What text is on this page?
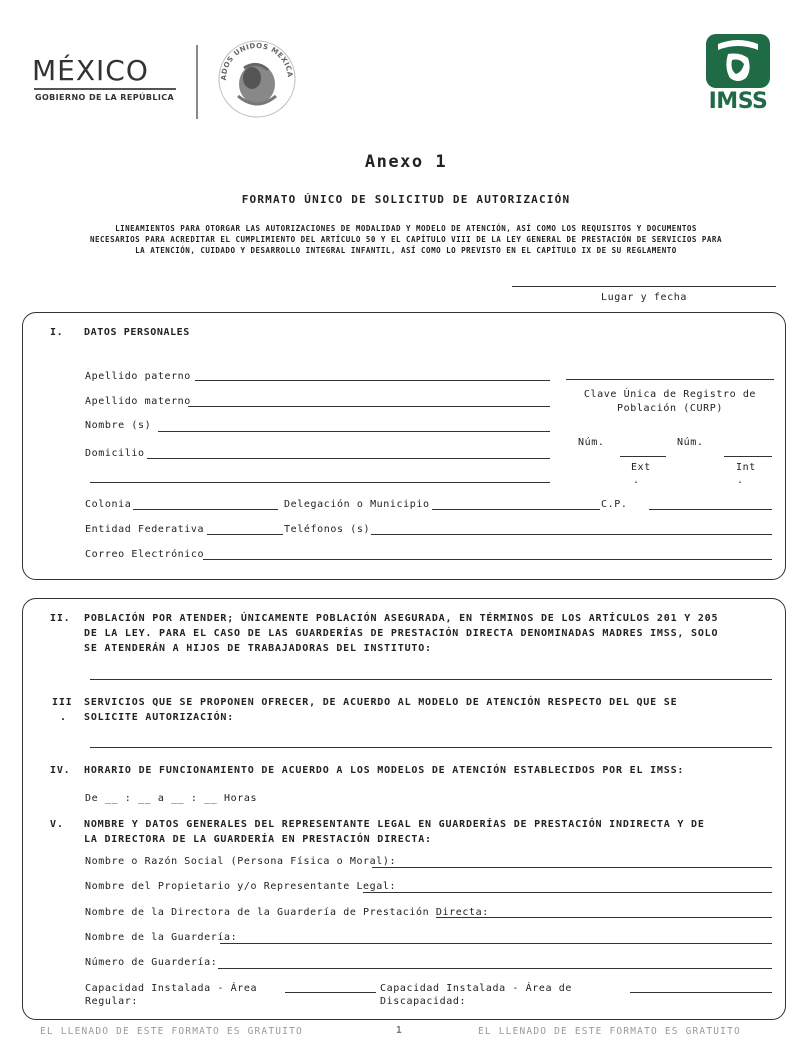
MÉXICO
GOBIERNO DE LA REPÚBLICA
ADOS UNIDOS MEXICA
IMSS
Anexo 1
FORMATO ÚNICO DE SOLICITUD DE AUTORIZACIÓN
LINEAMIENTOS PARA OTORGAR LAS AUTORIZACIONES DE MODALIDAD Y MODELO DE ATENCIÓN, ASÍ COMO LOS REQUISITOS Y DOCUMENTOS
NECESARIOS PARA ACREDITAR EL CUMPLIMIENTO DEL ARTÍCULO 50 Y EL CAPÍTULO VIII DE LA LEY GENERAL DE PRESTACIÓN DE SERVICIOS PARA
LA ATENCIÓN, CUIDADO Y DESARROLLO INTEGRAL INFANTIL, ASÍ COMO LO PREVISTO EN EL CAPÍTULO IX DE SU REGLAMENTO
Lugar y fecha
I. DATOS PERSONALES
Apellido paterno
Clave Única de Registro de
Población (CURP)
Apellido materno
Nombre (s)
Domicilio
Núm.
Ext
.
Núm.
Int
.
Colonia	Delegación o Municipio	C.P.
Entidad Federativa	Teléfonos (s)
Correo Electrónico
II. POBLACIÓN POR ATENDER; ÚNICAMENTE POBLACIÓN ASEGURADA, EN TÉRMINOS DE LOS ARTÍCULOS 201 Y 205
DE LA LEY. PARA EL CASO DE LAS GUARDERÍAS DE PRESTACIÓN DIRECTA DENOMINADAS MADRES IMSS, SOLO
SE ATENDERÁN A HIJOS DE TRABAJADORAS DEL INSTITUTO:
III
.
SERVICIOS QUE SE PROPONEN OFRECER, DE ACUERDO AL MODELO DE ATENCIÓN RESPECTO DEL QUE SE
SOLICITE AUTORIZACIÓN:
IV. HORARIO DE FUNCIONAMIENTO DE ACUERDO A LOS MODELOS DE ATENCIÓN ESTABLECIDOS POR EL IMSS:
De __ : __ a __ : __ Horas
V. NOMBRE Y DATOS GENERALES DEL REPRESENTANTE LEGAL EN GUARDERÍAS DE PRESTACIÓN INDIRECTA Y DE
LA DIRECTORA DE LA GUARDERÍA EN PRESTACIÓN DIRECTA:
Nombre o Razón Social (Persona Física o Moral):
Nombre del Propietario y/o Representante Legal:
Nombre de la Directora de la Guardería de Prestación Directa:
Nombre de la Guardería:
Número de Guardería:
Capacidad Instalada - Área
Regular:
Capacidad Instalada - Área de
Discapacidad:
EL LLENADO DE ESTE FORMATO ES GRATUITO	1	EL LLENADO DE ESTE FORMATO ES GRATUITO
